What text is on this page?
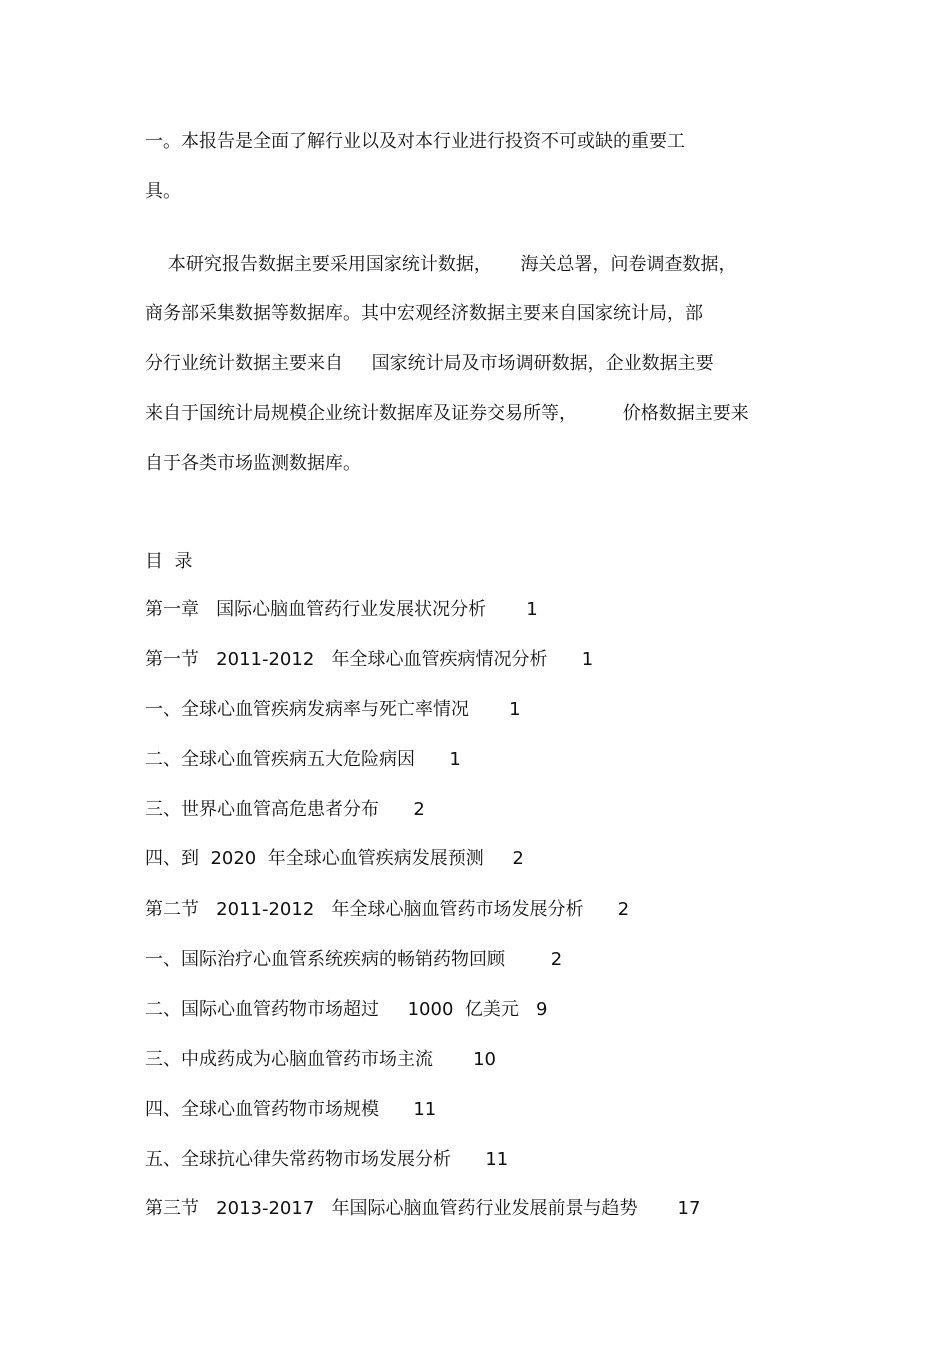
一。本报告是全面了解行业以及对本行业进行投资不可或缺的重要工
具。
本研究报告数据主要采用国家统计数据，     海关总署，问卷调查数据，
商务部采集数据等数据库。其中宏观经济数据主要来自国家统计局，部
分行业统计数据主要来自     国家统计局及市场调研数据，企业数据主要
来自于国统计局规模企业统计数据库及证券交易所等，        价格数据主要来
自于各类市场监测数据库。
目  录
第一章   国际心脑血管药行业发展状况分析 1
第一节   2011-2012   年全球心血管疾病情况分析 1
一、全球心血管疾病发病率与死亡率情况 1
二、全球心血管疾病五大危险病因 1
三、世界心血管高危患者分布 2
四、到  2020  年全球心血管疾病发展预测 2
第二节   2011-2012   年全球心脑血管药市场发展分析 2
一、国际治疗心血管系统疾病的畅销药物回顾	2
二、国际心血管药物市场超过     1000  亿美元 9
三、中成药成为心脑血管药市场主流 10
四、全球心血管药物市场规模 11
五、全球抗心律失常药物市场发展分析 11
第三节   2013-2017   年国际心脑血管药行业发展前景与趋势 17
